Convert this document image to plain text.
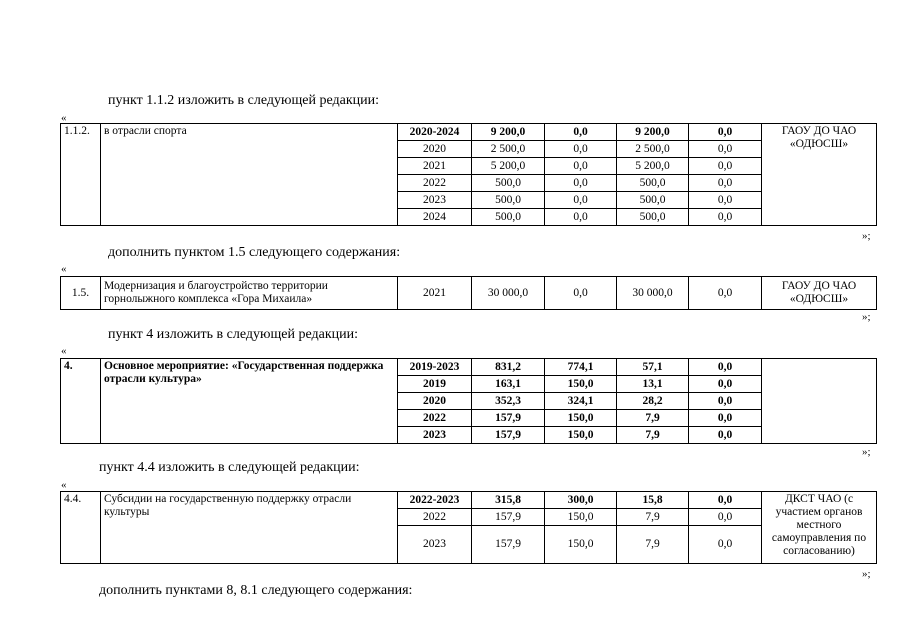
пункт 1.1.2 изложить в следующей редакции:
«
1.1.2.	в отрасли спорта	2020-2024	9 200,0	0,0	9 200,0	0,0	ГАОУ ДО ЧАО «ОДЮСШ»
		2020	2 500,0	0,0	2 500,0	0,0	
		2021	5 200,0	0,0	5 200,0	0,0	
		2022	500,0	0,0	500,0	0,0	
		2023	500,0	0,0	500,0	0,0	
		2024	500,0	0,0	500,0	0,0	
»;
дополнить пунктом 1.5 следующего содержания:
«
1.5.	Модернизация и благоустройство территории горнолыжного комплекса «Гора Михаила»	2021	30 000,0	0,0	30 000,0	0,0	ГАОУ ДО ЧАО «ОДЮСШ»
»;
пункт 4 изложить в следующей редакции:
«
4.	Основное мероприятие: «Государственная поддержка отрасли культура»	2019-2023	831,2	774,1	57,1	0,0	
		2019	163,1	150,0	13,1	0,0	
		2020	352,3	324,1	28,2	0,0	
		2022	157,9	150,0	7,9	0,0	
		2023	157,9	150,0	7,9	0,0	
»;
пункт 4.4 изложить в следующей редакции:
«
4.4.	Субсидии на государственную поддержку отрасли культуры	2022-2023	315,8	300,0	15,8	0,0	ДКСТ ЧАО (с участием органов местного самоуправления по согласованию)
		2022	157,9	150,0	7,9	0,0	
		2023	157,9	150,0	7,9	0,0	
»;
дополнить пунктами 8, 8.1 следующего содержания:
